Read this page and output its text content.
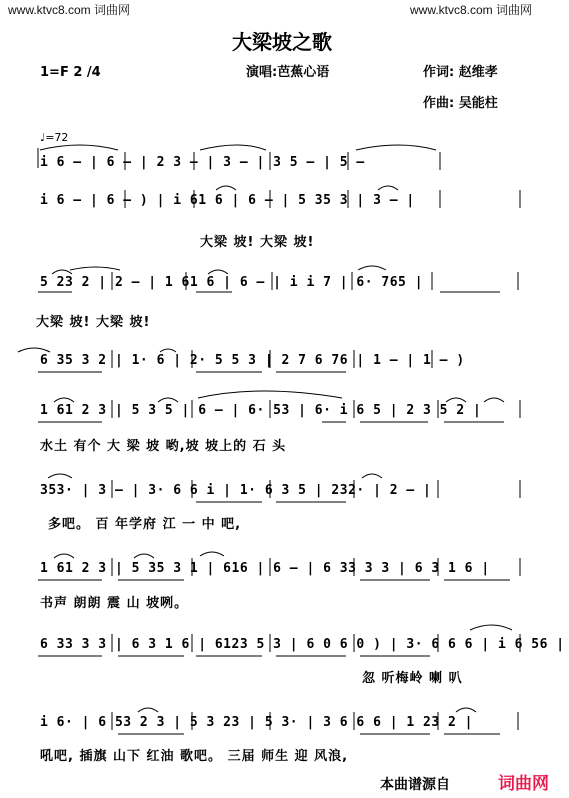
www.ktvc8.com 词曲网	www.ktvc8.com 词曲网
大梁坡之歌
1=F 2 /4	演唱:芭蕉心语	作词: 赵维孝
作曲: 吴能柱
♩=72
i 6 – | 6 – | 2 3 – | 3 – | 3 5 – | 5 –
i 6 – | 6 – ) | i 61 6 | 6 – | 5 35 3 | 3 – |
大梁 坡! 大梁 坡!
5 23 2 | 2 – | 1 61 6 | 6 – | i i 7 | 6· 765 |
大梁 坡! 大梁 坡!
6 35 3 2 | 1· 6 | 2· 5 5 3 | 2 7 6 76 | 1 – | 1 – )
1 61 2 3 | 5 3 5 | 6 – | 6· 53 | 6· i 6 5 | 2 3 5 2 |
水土 有个 大 梁 坡 哟,坡 坡上的 石 头
353· | 3 – | 3· 6 6 i | 1· 6 3 5 | 232· | 2 – |
多吧。 百 年学府 江 一 中 吧,
1 61 2 3 | 5 35 3 1 | 616 | 6 – | 6 33 3 3 | 6 3 1 6 |
书声 朗朗 震 山 坡咧。
6 33 3 3 | 6 3 1 6 | 6123 5 3 | 6 0 6 0 ) | 3· 6 6 6 | i 6 56 |
忽 听梅岭 喇 叭
i 6· | 6 53 2 3 | 5 3 23 | 5 3· | 3 6 6 6 | 1 23 2 |
吼吧, 插旗 山下 红油 歌吧。 三届 师生 迎 风浪,
本曲谱源自	词曲网
